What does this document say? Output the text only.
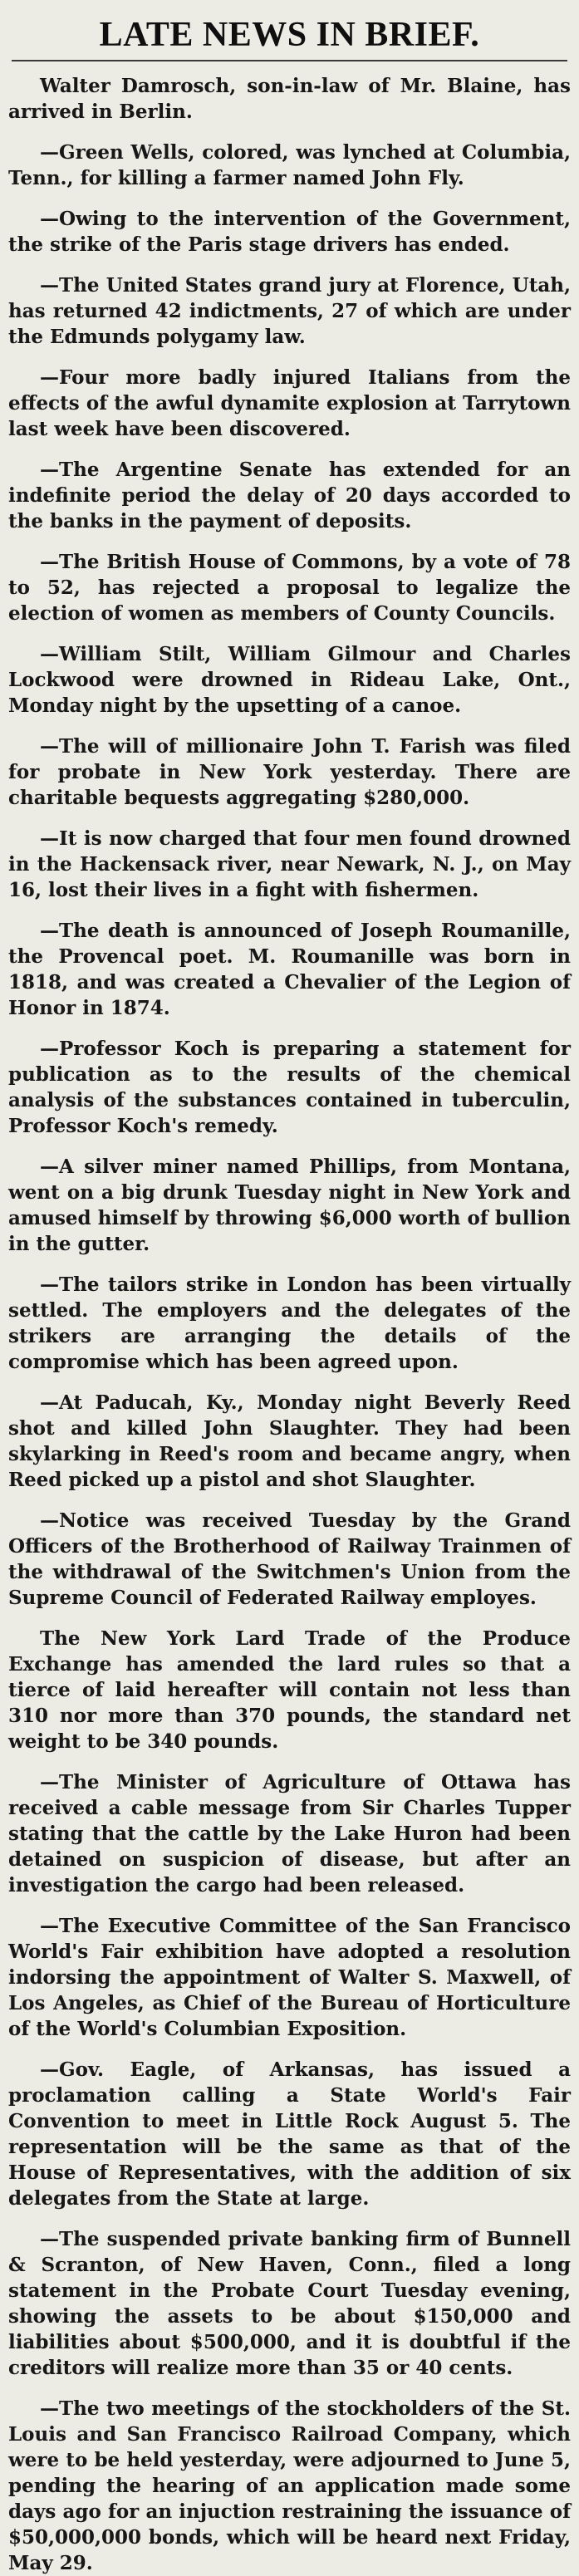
LATE NEWS IN BRIEF.

Walter Damrosch, son-in-law of Mr. Blaine, has arrived in Berlin.

—Green Wells, colored, was lynched at Columbia, Tenn., for killing a farmer named John Fly.

—Owing to the intervention of the Government, the strike of the Paris stage drivers has ended.

—The United States grand jury at Florence, Utah, has returned 42 indictments, 27 of which are under the Edmunds polygamy law.

—Four more badly injured Italians from the effects of the awful dynamite explosion at Tarrytown last week have been discovered.

—The Argentine Senate has extended for an indefinite period the delay of 20 days accorded to the banks in the payment of deposits.

—The British House of Commons, by a vote of 78 to 52, has rejected a proposal to legalize the election of women as members of County Councils.

—William Stilt, William Gilmour and Charles Lockwood were drowned in Rideau Lake, Ont., Monday night by the upsetting of a canoe.

—The will of millionaire John T. Farish was filed for probate in New York yesterday. There are charitable bequests aggregating $280,000.

—It is now charged that four men found drowned in the Hackensack river, near Newark, N. J., on May 16, lost their lives in a fight with fishermen.

—The death is announced of Joseph Roumanille, the Provencal poet. M. Roumanille was born in 1818, and was created a Chevalier of the Legion of Honor in 1874.

—Professor Koch is preparing a statement for publication as to the results of the chemical analysis of the substances contained in tuberculin, Professor Koch's remedy.

—A silver miner named Phillips, from Montana, went on a big drunk Tuesday night in New York and amused himself by throwing $6,000 worth of bullion in the gutter.

—The tailors strike in London has been virtually settled. The employers and the delegates of the strikers are arranging the details of the compromise which has been agreed upon.

—At Paducah, Ky., Monday night Beverly Reed shot and killed John Slaughter. They had been skylarking in Reed's room and became angry, when Reed picked up a pistol and shot Slaughter.

—Notice was received Tuesday by the Grand Officers of the Brotherhood of Railway Trainmen of the withdrawal of the Switchmen's Union from the Supreme Council of Federated Railway employes.

The New York Lard Trade of the Produce Exchange has amended the lard rules so that a tierce of laid hereafter will contain not less than 310 nor more than 370 pounds, the standard net weight to be 340 pounds.

—The Minister of Agriculture of Ottawa has received a cable message from Sir Charles Tupper stating that the cattle by the Lake Huron had been detained on suspicion of disease, but after an investigation the cargo had been released.

—The Executive Committee of the San Francisco World's Fair exhibition have adopted a resolution indorsing the appointment of Walter S. Maxwell, of Los Angeles, as Chief of the Bureau of Horticulture of the World's Columbian Exposition.

—Gov. Eagle, of Arkansas, has issued a proclamation calling a State World's Fair Convention to meet in Little Rock August 5. The representation will be the same as that of the House of Representatives, with the addition of six delegates from the State at large.

—The suspended private banking firm of Bunnell & Scranton, of New Haven, Conn., filed a long statement in the Probate Court Tuesday evening, showing the assets to be about $150,000 and liabilities about $500,000, and it is doubtful if the creditors will realize more than 35 or 40 cents.

—The two meetings of the stockholders of the St. Louis and San Francisco Railroad Company, which were to be held yesterday, were adjourned to June 5, pending the hearing of an application made some days ago for an injuction restraining the issuance of $50,000,000 bonds, which will be heard next Friday, May 29.
